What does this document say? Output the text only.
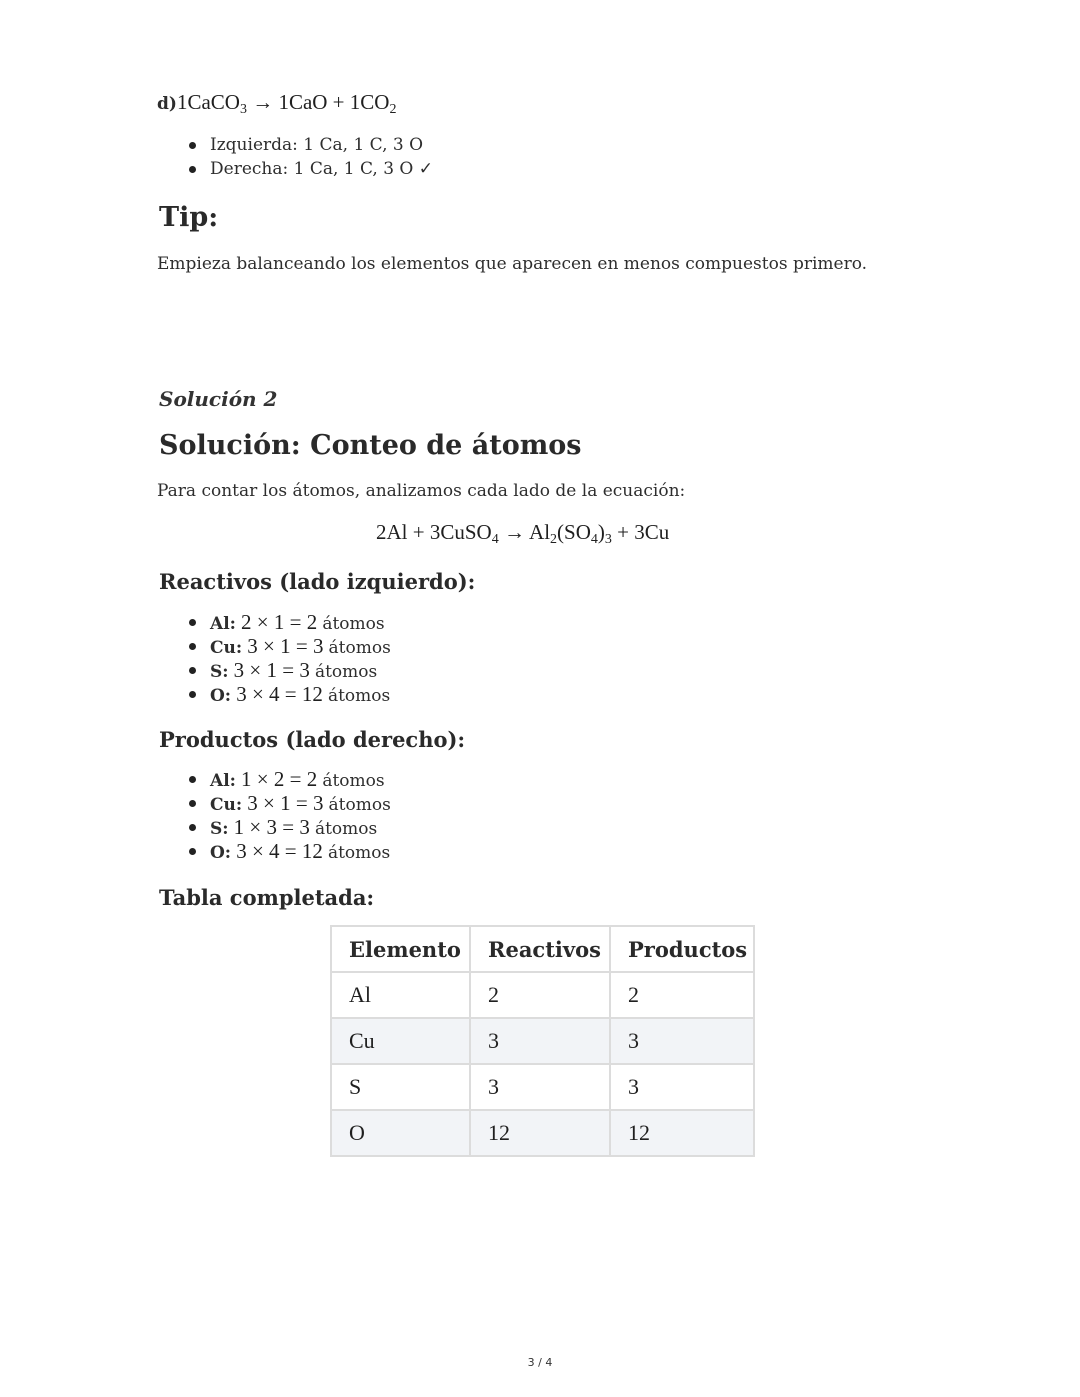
d)1CaCO$_3$ → $1CaO + 1CO_2$
Izquierda: 1 Ca, 1 C, 3 O
Derecha: 1 Ca, 1 C, 3 O ✓
Tip:
Empieza balanceando los elementos que aparecen en menos compuestos primero.
Solución 2
Solución: Conteo de átomos
Para contar los átomos, analizamos cada lado de la ecuación:
2Al + 3CuSO$_4$ → $Al_2(SO_4)_3 + 3Cu$
Reactivos (lado izquierdo):
Al: 2 × 1 = 2 átomos
Cu: 3 × 1 = 3 átomos
S: 3 × 1 = 3 átomos
O: 3 × 4 = 12 átomos
Productos (lado derecho):
Al: 1 × 2 = 2 átomos
Cu: 3 × 1 = 3 átomos
S: 1 × 3 = 3 átomos
O: 3 × 4 = 12 átomos
Tabla completada:
Elemento	Reactivos	Productos
Al	2	2
Cu	3	3
S	3	3
O	12	12
3 / 4
